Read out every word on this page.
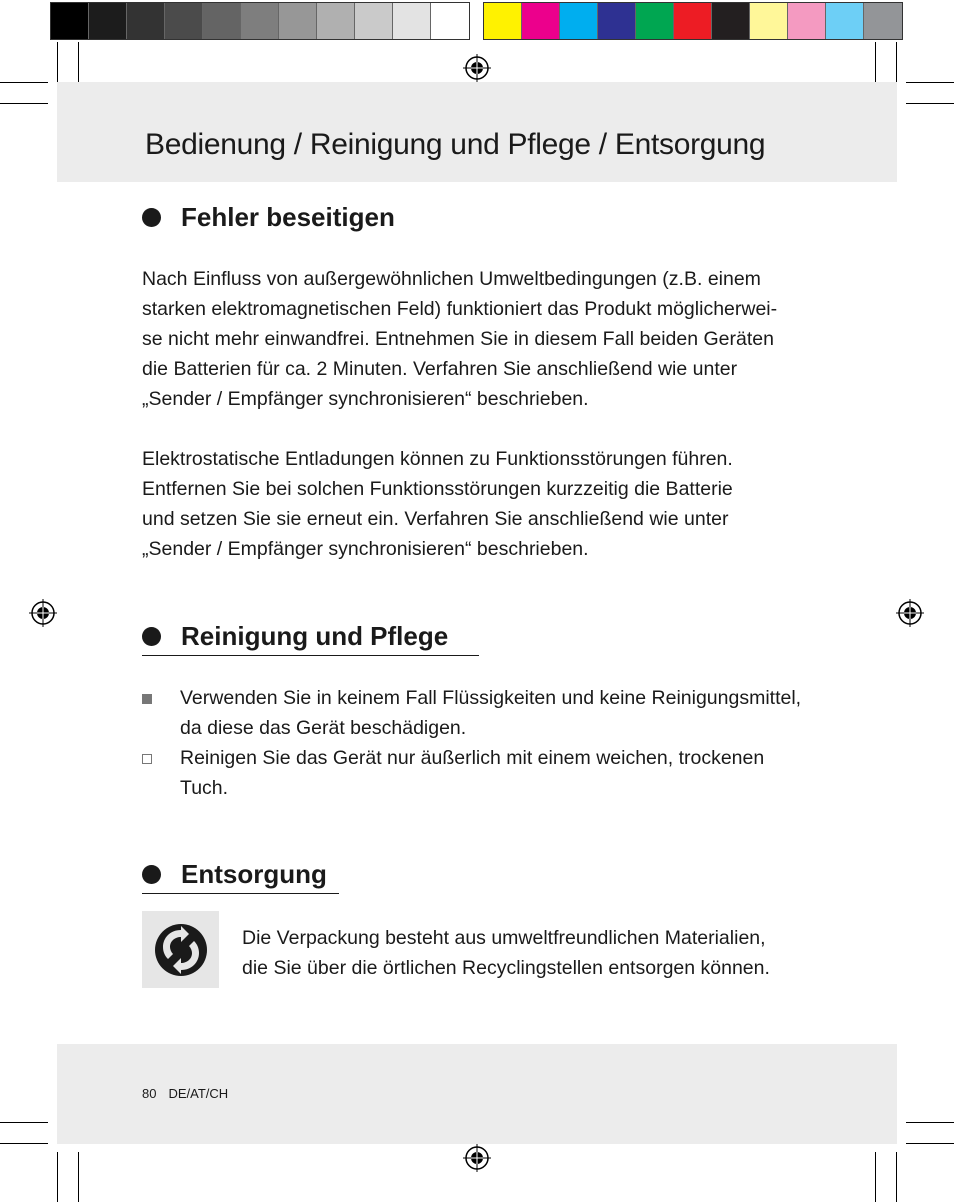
Bedienung / Reinigung und Pflege / Entsorgung
Fehler beseitigen

Nach Einfluss von außergewöhnlichen Umweltbedingungen (z.B. einem
starken elektromagnetischen Feld) funktioniert das Produkt möglicherwei-
se nicht mehr einwandfrei. Entnehmen Sie in diesem Fall beiden Geräten
die Batterien für ca. 2 Minuten. Verfahren Sie anschließend wie unter
„Sender / Empfänger synchronisieren“ beschrieben.

Elektrostatische Entladungen können zu Funktionsstörungen führen.
Entfernen Sie bei solchen Funktionsstörungen kurzzeitig die Batterie
und setzen Sie sie erneut ein. Verfahren Sie anschließend wie unter
„Sender / Empfänger synchronisieren“ beschrieben.

Reinigung und Pflege
Verwenden Sie in keinem Fall Flüssigkeiten und keine Reinigungsmittel,
da diese das Gerät beschädigen.
Reinigen Sie das Gerät nur äußerlich mit einem weichen, trockenen
Tuch.
Entsorgung

Die Verpackung besteht aus umweltfreundlichen Materialien,
die Sie über die örtlichen Recyclingstellen entsorgen können.

80 DE/AT/CH
